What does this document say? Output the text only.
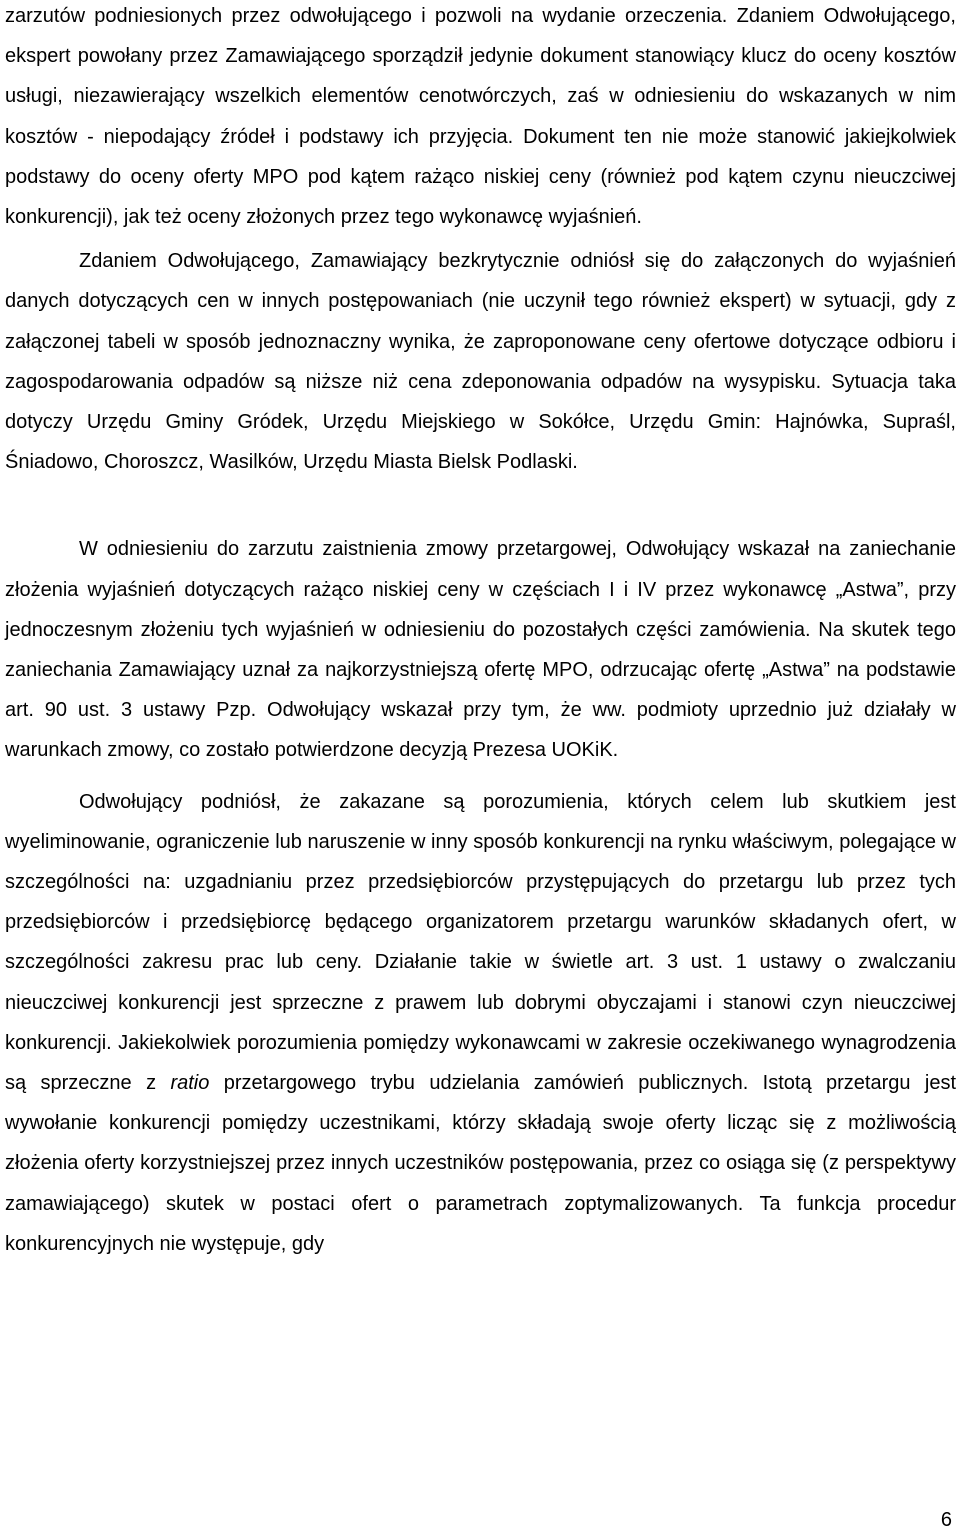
zarzutów podniesionych przez odwołującego i pozwoli na wydanie orzeczenia. Zdaniem Odwołującego, ekspert powołany przez Zamawiającego sporządził jedynie dokument stanowiący klucz do oceny kosztów usługi, niezawierający wszelkich elementów cenotwórczych, zaś w odniesieniu do wskazanych w nim kosztów - niepodający źródeł i podstawy ich przyjęcia. Dokument ten nie może stanowić jakiejkolwiek podstawy do oceny oferty MPO pod kątem rażąco niskiej ceny (również pod kątem czynu nieuczciwej konkurencji), jak też oceny złożonych przez tego wykonawcę wyjaśnień.

Zdaniem Odwołującego, Zamawiający bezkrytycznie odniósł się do załączonych do wyjaśnień danych dotyczących cen w innych postępowaniach (nie uczynił tego również ekspert) w sytuacji, gdy z załączonej tabeli w sposób jednoznaczny wynika, że zaproponowane ceny ofertowe dotyczące odbioru i zagospodarowania odpadów są niższe niż cena zdeponowania odpadów na wysypisku. Sytuacja taka dotyczy Urzędu Gminy Gródek, Urzędu Miejskiego w Sokółce, Urzędu Gmin: Hajnówka, Supraśl, Śniadowo, Choroszcz, Wasilków, Urzędu Miasta Bielsk Podlaski.

W odniesieniu do zarzutu zaistnienia zmowy przetargowej, Odwołujący wskazał na zaniechanie złożenia wyjaśnień dotyczących rażąco niskiej ceny w częściach I i IV przez wykonawcę „Astwa”, przy jednoczesnym złożeniu tych wyjaśnień w odniesieniu do pozostałych części zamówienia. Na skutek tego zaniechania Zamawiający uznał za najkorzystniejszą ofertę MPO, odrzucając ofertę „Astwa” na podstawie art. 90 ust. 3 ustawy Pzp. Odwołujący wskazał przy tym, że ww. podmioty uprzednio już działały w warunkach zmowy, co zostało potwierdzone decyzją Prezesa UOKiK.

Odwołujący podniósł, że zakazane są porozumienia, których celem lub skutkiem jest wyeliminowanie, ograniczenie lub naruszenie w inny sposób konkurencji na rynku właściwym, polegające w szczególności na: uzgadnianiu przez przedsiębiorców przystępujących do przetargu lub przez tych przedsiębiorców i przedsiębiorcę będącego organizatorem przetargu warunków składanych ofert, w szczególności zakresu prac lub ceny. Działanie takie w świetle art. 3 ust. 1 ustawy o zwalczaniu nieuczciwej konkurencji jest sprzeczne z prawem lub dobrymi obyczajami i stanowi czyn nieuczciwej konkurencji. Jakiekolwiek porozumienia pomiędzy wykonawcami w zakresie oczekiwanego wynagrodzenia są sprzeczne z ratio przetargowego trybu udzielania zamówień publicznych. Istotą przetargu jest wywołanie konkurencji pomiędzy uczestnikami, którzy składają swoje oferty licząc się z możliwością złożenia oferty korzystniejszej przez innych uczestników postępowania, przez co osiąga się (z perspektywy zamawiającego) skutek w postaci ofert o parametrach zoptymalizowanych. Ta funkcja procedur konkurencyjnych nie występuje, gdy

6
